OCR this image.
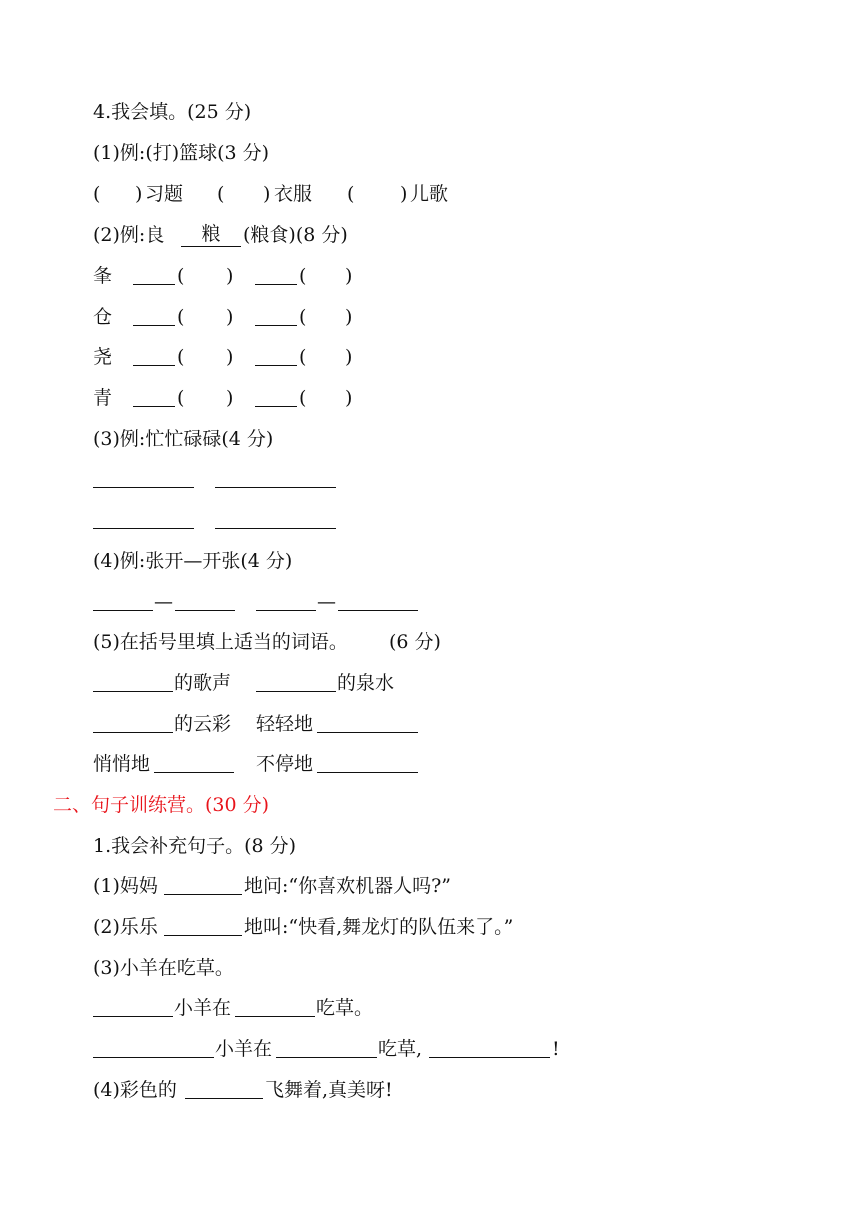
4.我会填。(25 分)
(1)例:(打)篮球(3 分)
( ) 习题 ( ) 衣服 ( ) 儿歌
(2)例:良	粮	(粮食)(8 分)
夆	( )	( )
仓	( )	( )
尧	( )	( )
青	( )	( )
(3)例:忙忙碌碌(4 分)
(4)例:张开—开张(4 分)
—	—
(5)在括号里填上适当的词语。 (6 分)
的歌声	的泉水
的云彩 轻轻地
悄悄地	不停地
二、句子训练营。(30 分)
1.我会补充句子。(8 分)
(1)妈妈	地问:“你喜欢机器人吗?”
(2)乐乐	地叫:“快看,舞龙灯的队伍来了。”
(3)小羊在吃草。
小羊在	吃草。
小羊在	吃草,	!
(4)彩色的	飞舞着,真美呀!
